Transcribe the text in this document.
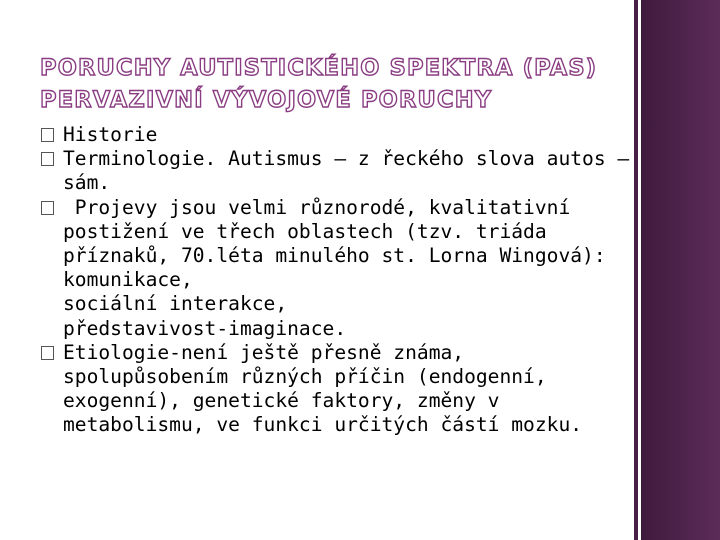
PORUCHY AUTISTICKÉHO SPEKTRA (PAS)
PERVAZIVNÍ VÝVOJOVÉ PORUCHY
Historie
Terminologie. Autismus – z řeckého slova autos –
sám.
Projevy jsou velmi různorodé, kvalitativní
postižení ve třech oblastech (tzv. triáda
příznaků, 70.léta minulého st. Lorna Wingová):
komunikace,
sociální interakce,
představivost-imaginace.
Etiologie-není ještě přesně známa,
spolupůsobením různých příčin (endogenní,
exogenní), genetické faktory, změny v
metabolismu, ve funkci určitých částí mozku.
